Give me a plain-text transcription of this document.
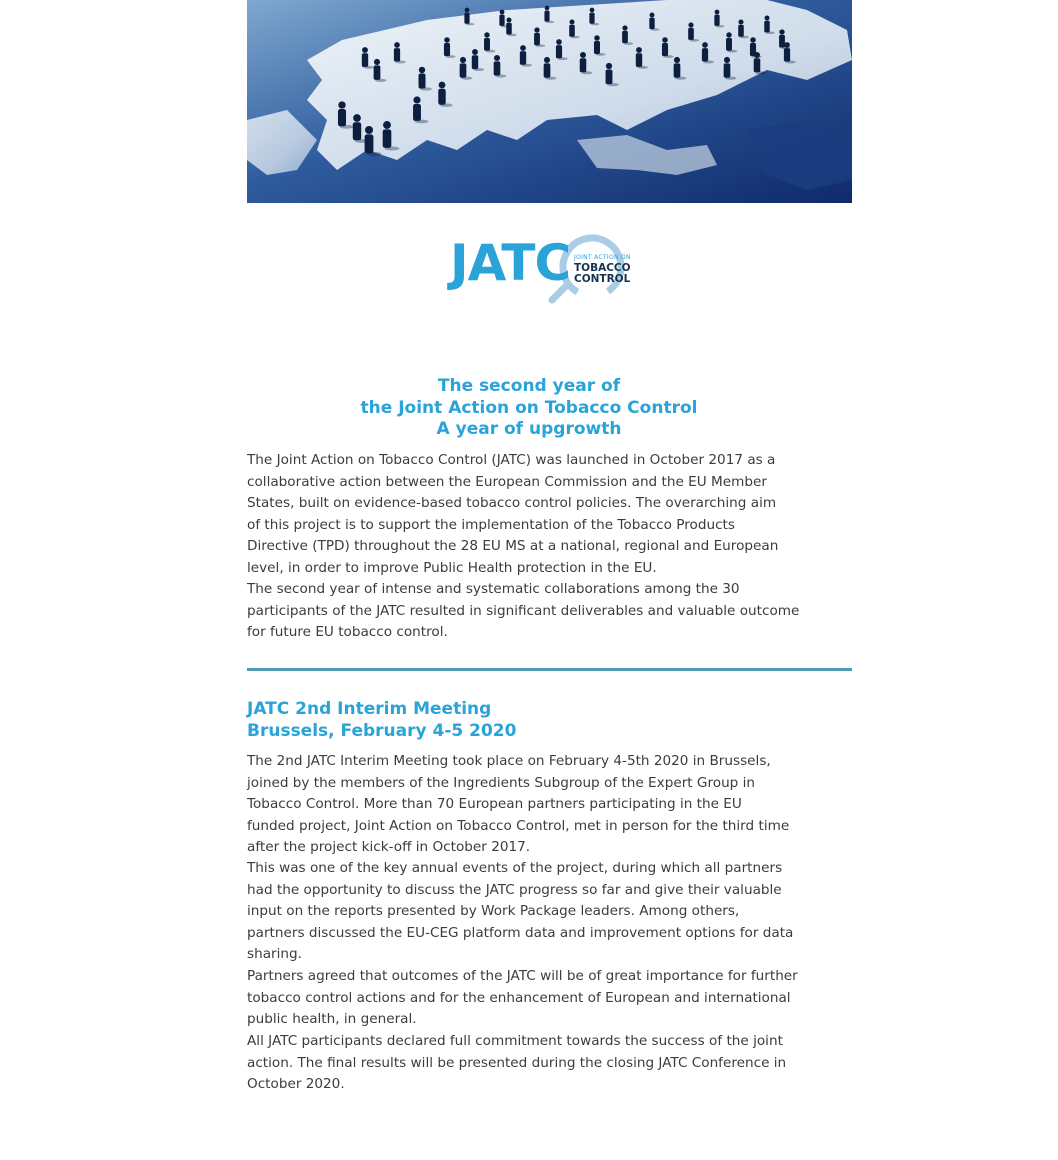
JATC JOINT ACTION ON
TOBACCO
CONTROL
The second year of
the Joint Action on Tobacco Control
A year of upgrowth

The Joint Action on Tobacco Control (JATC) was launched in October 2017 as a
collaborative action between the European Commission and the EU Member
States, built on evidence-based tobacco control policies. The overarching aim
of this project is to support the implementation of the Tobacco Products
Directive (TPD) throughout the 28 EU MS at a national, regional and European
level, in order to improve Public Health protection in the EU.

The second year of intense and systematic collaborations among the 30
participants of the JATC resulted in significant deliverables and valuable outcome
for future EU tobacco control.

JATC 2nd Interim Meeting
Brussels, February 4-5 2020

The 2nd JATC Interim Meeting took place on February 4-5th 2020 in Brussels,
joined by the members of the Ingredients Subgroup of the Expert Group in
Tobacco Control. More than 70 European partners participating in the EU
funded project, Joint Action on Tobacco Control, met in person for the third time
after the project kick-off in October 2017.

This was one of the key annual events of the project, during which all partners
had the opportunity to discuss the JATC progress so far and give their valuable
input on the reports presented by Work Package leaders. Among others,
partners discussed the EU-CEG platform data and improvement options for data
sharing.

Partners agreed that outcomes of the JATC will be of great importance for further
tobacco control actions and for the enhancement of European and international
public health, in general.

All JATC participants declared full commitment towards the success of the joint
action. The final results will be presented during the closing JATC Conference in
October 2020.
